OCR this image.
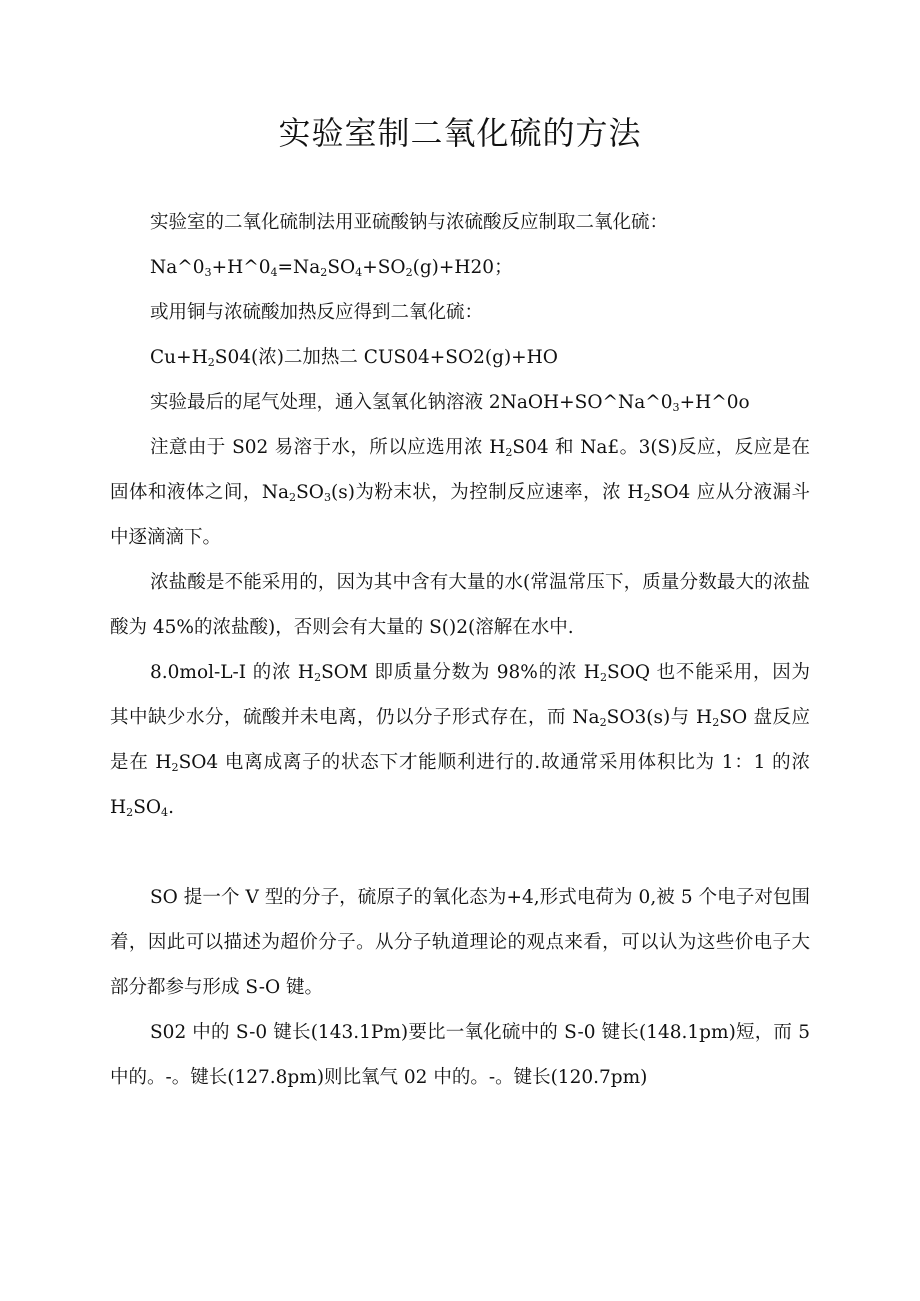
实验室制二氧化硫的方法

实验室的二氧化硫制法用亚硫酸钠与浓硫酸反应制取二氧化硫：

$Na\^{}0_3+H\^{}0_4=Na_2SO_4+SO_2(g)+H20$；

或用铜与浓硫酸加热反应得到二氧化硫：

$Cu+H_2S04$(浓)二加热二 CUS04+SO2(g)+HO

实验最后的尾气处理，通入氢氧化钠溶液 $2NaOH+SO\^{}Na\^{}0_3+H\^{}0o$

注意由于 S02 易溶于水，所以应选用浓 $H_2S04$ 和 Na£。3(S)反应，反应是在固体和液体之间，$Na_2SO_3(s)$为粉末状，为控制反应速率，浓 $H_2SO4$ 应从分液漏斗中逐滴滴下。

浓盐酸是不能采用的，因为其中含有大量的水(常温常压下，质量分数最大的浓盐酸为 45%的浓盐酸)，否则会有大量的 S()2(溶解在水中.

8.0mol-L-I 的浓 $H_2SOM$ 即质量分数为 98%的浓 $H_2SOQ$ 也不能采用，因为其中缺少水分，硫酸并未电离，仍以分子形式存在，而 $Na_2SO3(s)$与 $H_2SO$ 盘反应是在 $H_2SO4$ 电离成离子的状态下才能顺利进行的.故通常采用体积比为 1：1 的浓 $H_2SO_4$.

SO 提一个 V 型的分子，硫原子的氧化态为+4,形式电荷为 0,被 5 个电子对包围着，因此可以描述为超价分子。从分子轨道理论的观点来看，可以认为这些价电子大部分都参与形成 S-O 键。

S02 中的 S-0 键长(143.1Pm)要比一氧化硫中的 S-0 键长(148.1pm)短，而 5 中的。-。键长(127.8pm)则比氧气 02 中的。-。键长(120.7pm)
